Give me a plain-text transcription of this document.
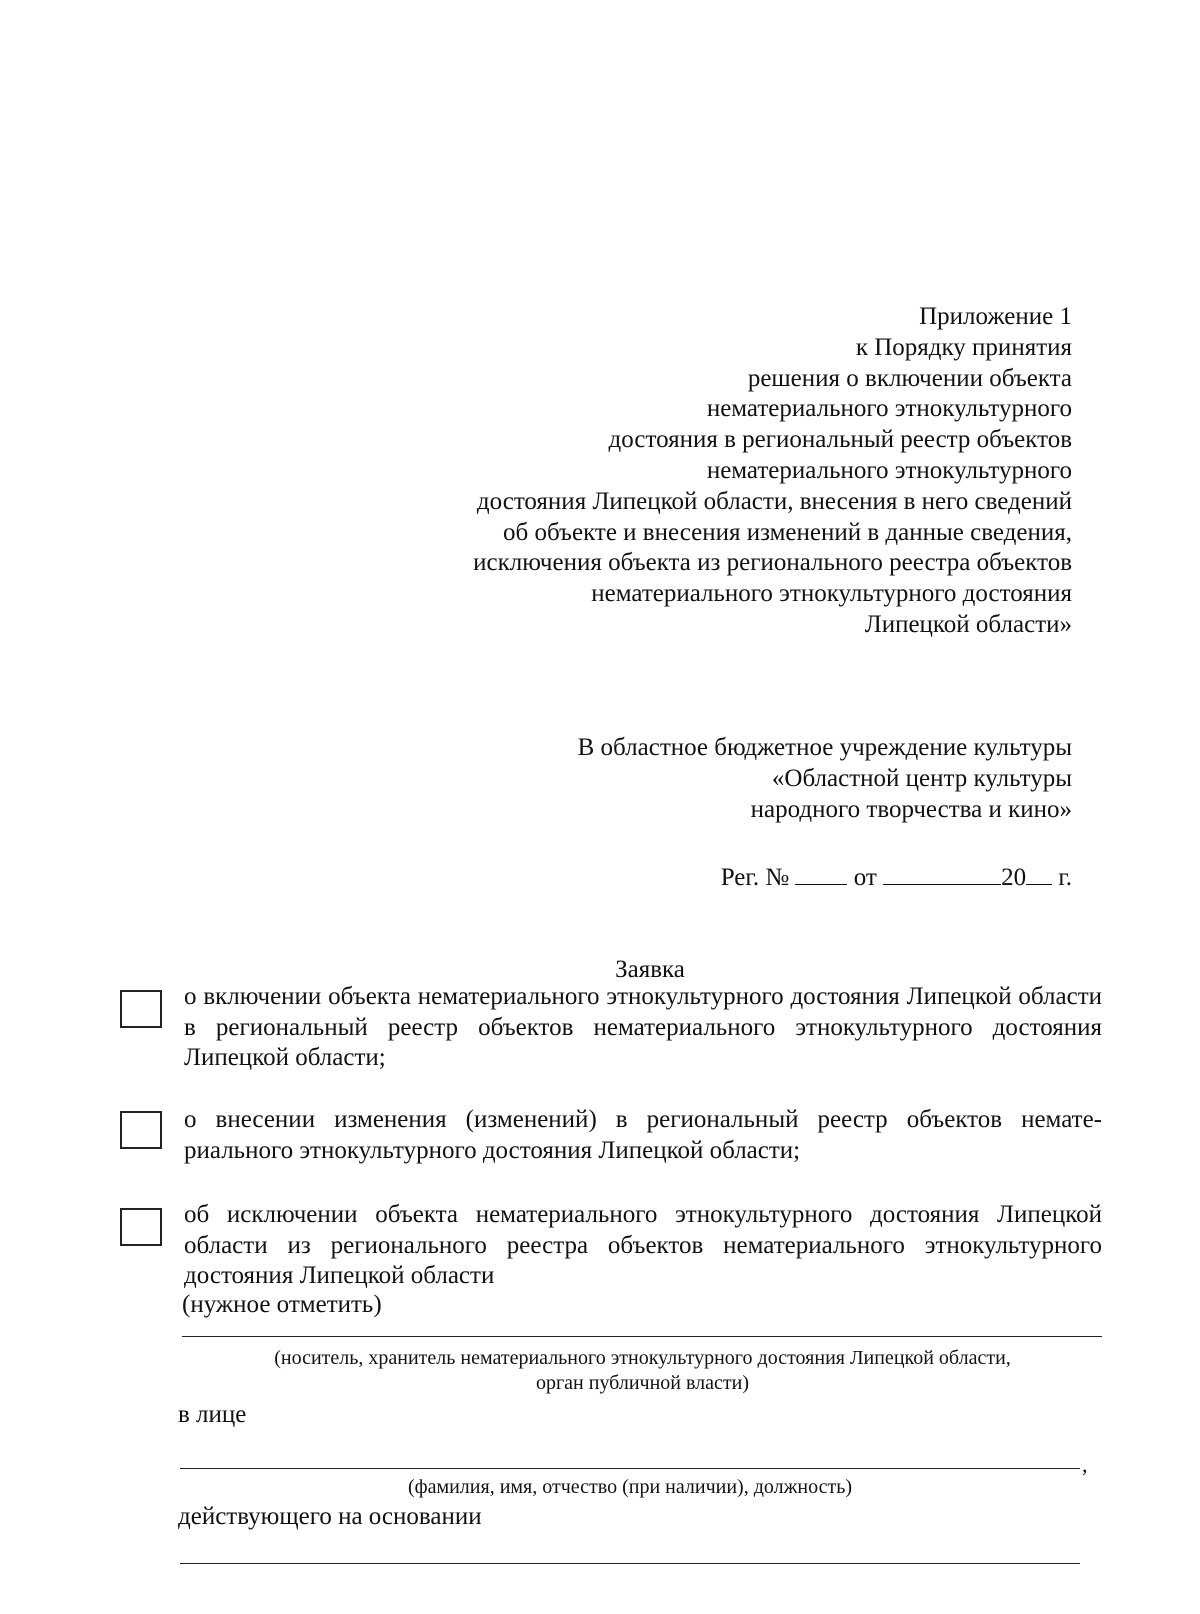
Приложение 1
к Порядку принятия
решения о включении объекта
нематериального этнокультурного
достояния в региональный реестр объектов
нематериального этнокультурного
достояния Липецкой области, внесения в него сведений
об объекте и внесения изменений в данные сведения,
исключения объекта из регионального реестра объектов
нематериального этнокультурного достояния
Липецкой области»
В областное бюджетное учреждение культуры
«Областной центр культуры
народного творчества и кино»
Рег. №	от	20 г.
Заявка
о включении объекта нематериального этнокультурного достояния Липецкой области в региональный реестр объектов нематериального этнокультурного достояния Липецкой области;
о внесении изменения (изменений) в региональный реестр объектов немате-риального этнокультурного достояния Липецкой области;
об исключении объекта нематериального этнокультурного достояния Липецкой области из регионального реестра объектов нематериального этнокультурного достояния Липецкой области
(нужное отметить)
(носитель, хранитель нематериального этнокультурного достояния Липецкой области,
орган публичной власти)
в лице
,
(фамилия, имя, отчество (при наличии), должность)
действующего на основании
